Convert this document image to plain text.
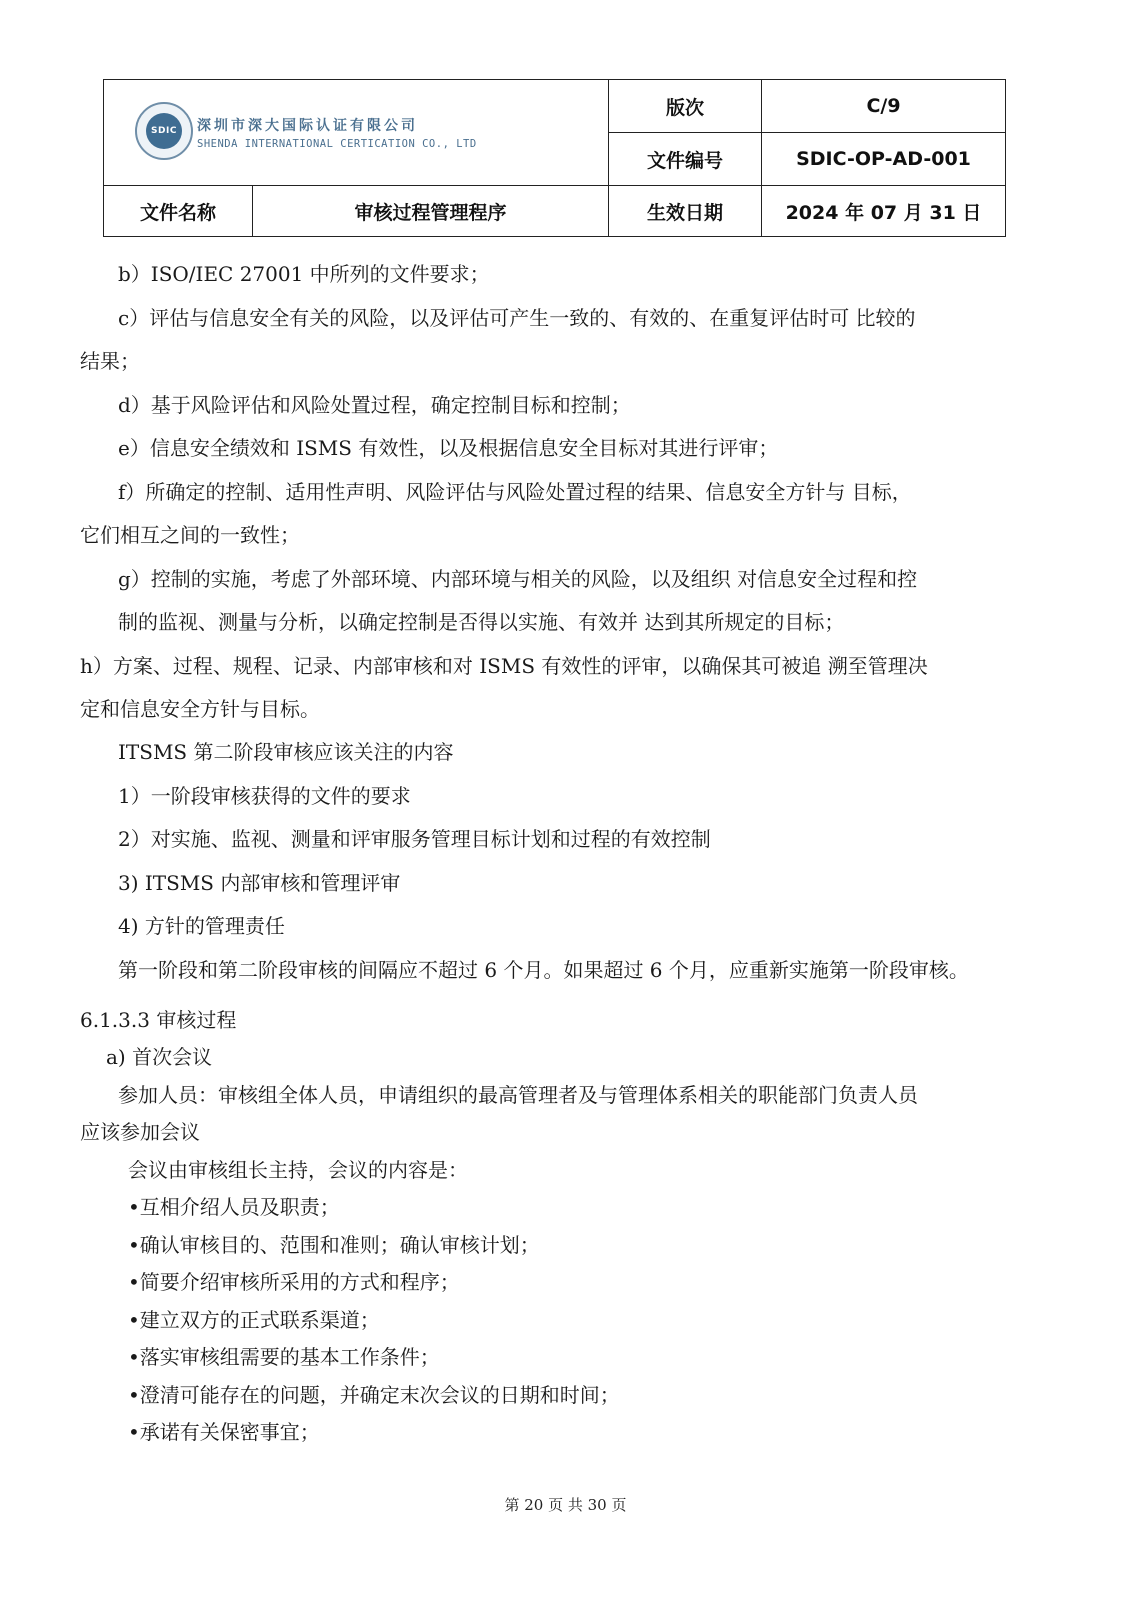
SDIC	深圳市深大国际认证有限公司
SHENDA INTERNATIONAL CERTICATION CO., LTD
版次	C/9
文件编号	SDIC-OP-AD-001
文件名称	审核过程管理程序	生效日期	2024 年 07 月 31 日
b）ISO/IEC 27001 中所列的文件要求；
c）评估与信息安全有关的风险，以及评估可产生一致的、有效的、在重复评估时可 比较的
结果；
d）基于风险评估和风险处置过程，确定控制目标和控制；
e）信息安全绩效和 ISMS 有效性，以及根据信息安全目标对其进行评审；
f）所确定的控制、适用性声明、风险评估与风险处置过程的结果、信息安全方针与 目标，
它们相互之间的一致性；
g）控制的实施，考虑了外部环境、内部环境与相关的风险，以及组织 对信息安全过程和控
制的监视、测量与分析，以确定控制是否得以实施、有效并 达到其所规定的目标；
h）方案、过程、规程、记录、内部审核和对 ISMS 有效性的评审，以确保其可被追 溯至管理决
定和信息安全方针与目标。
ITSMS 第二阶段审核应该关注的内容
1）一阶段审核获得的文件的要求
2）对实施、监视、测量和评审服务管理目标计划和过程的有效控制
3) ITSMS 内部审核和管理评审
4) 方针的管理责任
第一阶段和第二阶段审核的间隔应不超过 6 个月。如果超过 6 个月，应重新实施第一阶段审核。
6.1.3.3 审核过程
a) 首次会议
参加人员：审核组全体人员，申请组织的最高管理者及与管理体系相关的职能部门负责人员
应该参加会议
会议由审核组长主持，会议的内容是：
•互相介绍人员及职责；
•确认审核目的、范围和准则；确认审核计划；
•简要介绍审核所采用的方式和程序；
•建立双方的正式联系渠道；
•落实审核组需要的基本工作条件；
•澄清可能存在的问题，并确定末次会议的日期和时间；
•承诺有关保密事宜；
第 20 页 共 30 页
